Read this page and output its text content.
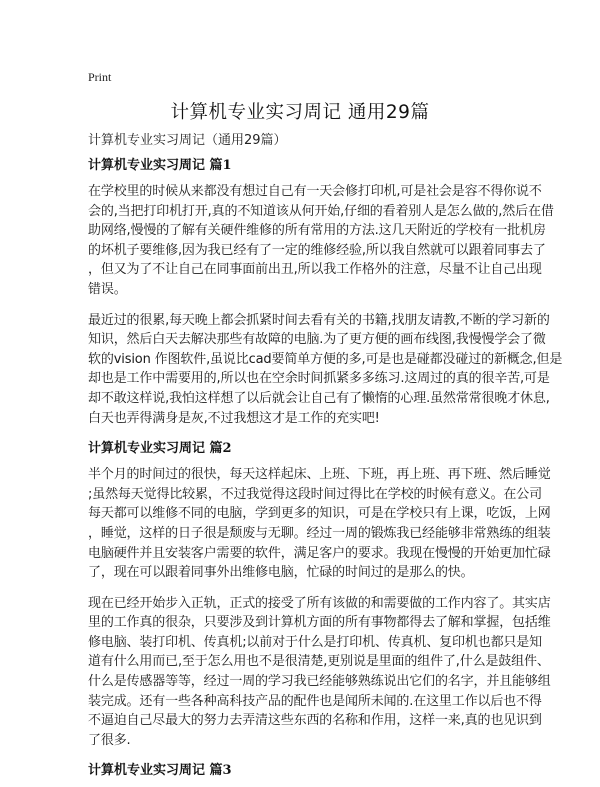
Print
计算机专业实习周记 通用29篇
计算机专业实习周记（通用29篇）
计算机专业实习周记 篇1
在学校里的时候从来都没有想过自己有一天会修打印机,可是社会是容不得你说不
会的,当把打印机打开,真的不知道该从何开始,仔细的看着别人是怎么做的,然后在借
助网络,慢慢的了解有关硬件维修的所有常用的方法.这几天附近的学校有一批机房
的坏机子要维修,因为我已经有了一定的维修经验,所以我自然就可以跟着同事去了
，但又为了不让自己在同事面前出丑,所以我工作格外的注意，尽量不让自己出现
错误。
最近过的很累,每天晚上都会抓紧时间去看有关的书籍,找朋友请教,不断的学习新的
知识，然后白天去解决那些有故障的电脑.为了更方便的画布线图,我慢慢学会了微
软的vision 作图软件,虽说比cad要简单方便的多,可是也是碰都没碰过的新概念,但是
却也是工作中需要用的,所以也在空余时间抓紧多多练习.这周过的真的很辛苦,可是
却不敢这样说,我怕这样想了以后就会让自己有了懒惰的心理.虽然常常很晚才休息,
白天也弄得满身是灰,不过我想这才是工作的充实吧!
计算机专业实习周记 篇2
半个月的时间过的很快，每天这样起床、上班、下班，再上班、再下班、然后睡觉
;虽然每天觉得比较累，不过我觉得这段时间过得比在学校的时候有意义。在公司
每天都可以维修不同的电脑，学到更多的知识，可是在学校只有上课，吃饭，上网
，睡觉，这样的日子很是颓废与无聊。经过一周的锻炼我已经能够非常熟练的组装
电脑硬件并且安装客户需要的软件，满足客户的要求。我现在慢慢的开始更加忙碌
了，现在可以跟着同事外出维修电脑，忙碌的时间过的是那么的快。
现在已经开始步入正轨，正式的接受了所有该做的和需要做的工作内容了。其实店
里的工作真的很杂，只要涉及到计算机方面的所有事物都得去了解和掌握，包括维
修电脑、装打印机、传真机;以前对于什么是打印机、传真机、复印机也都只是知
道有什么用而已,至于怎么用也不是很清楚,更别说是里面的组件了,什么是鼓组件、
什么是传感器等等，经过一周的学习我已经能够熟练说出它们的名字，并且能够组
装完成。还有一些各种高科技产品的配件也是闻所未闻的.在这里工作以后也不得
不逼迫自己尽最大的努力去弄清这些东西的名称和作用，这样一来,真的也见识到
了很多.
计算机专业实习周记 篇3
